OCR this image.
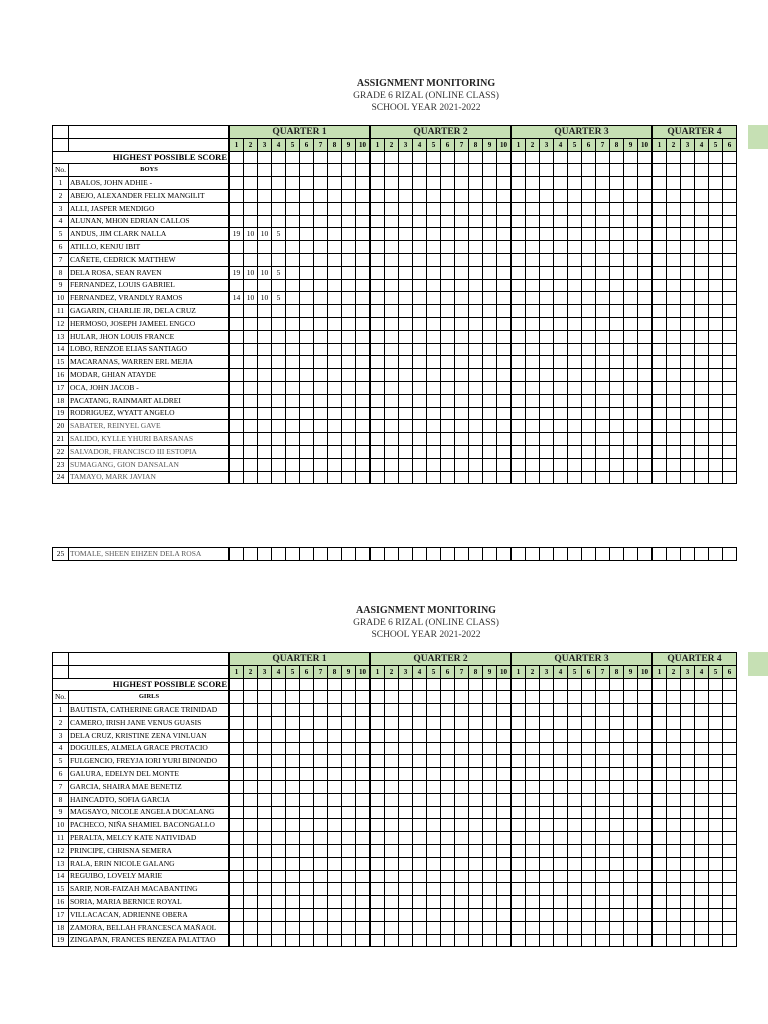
ASSIGNMENT MONITORING
GRADE 6 RIZAL (ONLINE CLASS)
SCHOOL YEAR 2021-2022
		QUARTER 1										QUARTER 2										QUARTER 3										QUARTER 4					
		1	2	3	4	5	6	7	8	9	10	1	2	3	4	5	6	7	8	9	10	1	2	3	4	5	6	7	8	9	10	1	2	3	4	5	6
HIGHEST POSSIBLE SCORE																																					
No.	BOYS																																				
1	ABALOS, JOHN ADHIE -																																				
2	ABEJO, ALEXANDER FELIX MANGILIT																																				
3	ALLI, JASPER MENDIGO																																				
4	ALUNAN, MHON EDRIAN CALLOS																																				
5	ANDUS, JIM CLARK NALLA	19	10	10	5																																
6	ATILLO, KENJU IBIT																																				
7	CAÑETE, CEDRICK MATTHEW																																				
8	DELA ROSA, SEAN RAVEN	19	10	10	5																																
9	FERNANDEZ, LOUIS GABRIEL																																				
10	FERNANDEZ, VRANDLY RAMOS	14	10	10	5																																
11	GAGARIN, CHARLIE JR, DELA CRUZ																																				
12	HERMOSO, JOSEPH JAMEEL ENGCO																																				
13	HULAR, JHON LOUIS FRANCE																																				
14	LOBO, RENZOE ELIAS SANTIAGO																																				
15	MACARANAS, WARREN ERL MEJIA																																				
16	MODAR, GHIAN ATAYDE																																				
17	OCA, JOHN JACOB -																																				
18	PACATANG, RAINMART ALDREI																																				
19	RODRIGUEZ, WYATT ANGELO																																				
20	SABATER, REINYEL GAVE																																				
21	SALIDO, KYLLE YHURI BARSANAS																																				
22	SALVADOR, FRANCISCO III ESTOPIA																																				
23	SUMAGANG, GION DANSALAN																																				
24	TAMAYO, MARK JAVIAN																																				
25	TOMALE, SHEEN EIHZEN DELA ROSA																																				
AASIGNMENT MONITORING
GRADE 6 RIZAL (ONLINE CLASS)
SCHOOL YEAR 2021-2022
		QUARTER 1										QUARTER 2										QUARTER 3										QUARTER 4					
		1	2	3	4	5	6	7	8	9	10	1	2	3	4	5	6	7	8	9	10	1	2	3	4	5	6	7	8	9	10	1	2	3	4	5	6
HIGHEST POSSIBLE SCORE																																					
No.	GIRLS																																				
1	BAUTISTA, CATHERINE GRACE TRINIDAD																																				
2	CAMERO, IRISH JANE VENUS GUASIS																																				
3	DELA CRUZ, KRISTINE ZENA VINLUAN																																				
4	DOGUILES, ALMELA GRACE PROTACIO																																				
5	FULGENCIO, FREYJA IORI YURI BINONDO																																				
6	GALURA, EDELYN DEL MONTE																																				
7	GARCIA, SHAIRA MAE BENETIZ																																				
8	HAINCADTO, SOFIA GARCIA																																				
9	MAGSAYO, NICOLE ANGELA DUCALANG																																				
10	PACHECO, NIÑA SHAMIEL BACONGALLO																																				
11	PERALTA, MELCY KATE NATIVIDAD																																				
12	PRINCIPE, CHRISNA SEMERA																																				
13	RALA, ERIN NICOLE GALANG																																				
14	REGUIBO, LOVELY MARIE																																				
15	SARIP, NOR-FAIZAH MACABANTING																																				
16	SORIA, MARIA BERNICE ROYAL																																				
17	VILLACACAN, ADRIENNE OBERA																																				
18	ZAMORA, BELLAH FRANCESCA MAÑAOL																																				
19	ZINGAPAN, FRANCES RENZEA PALATTAO																																				
